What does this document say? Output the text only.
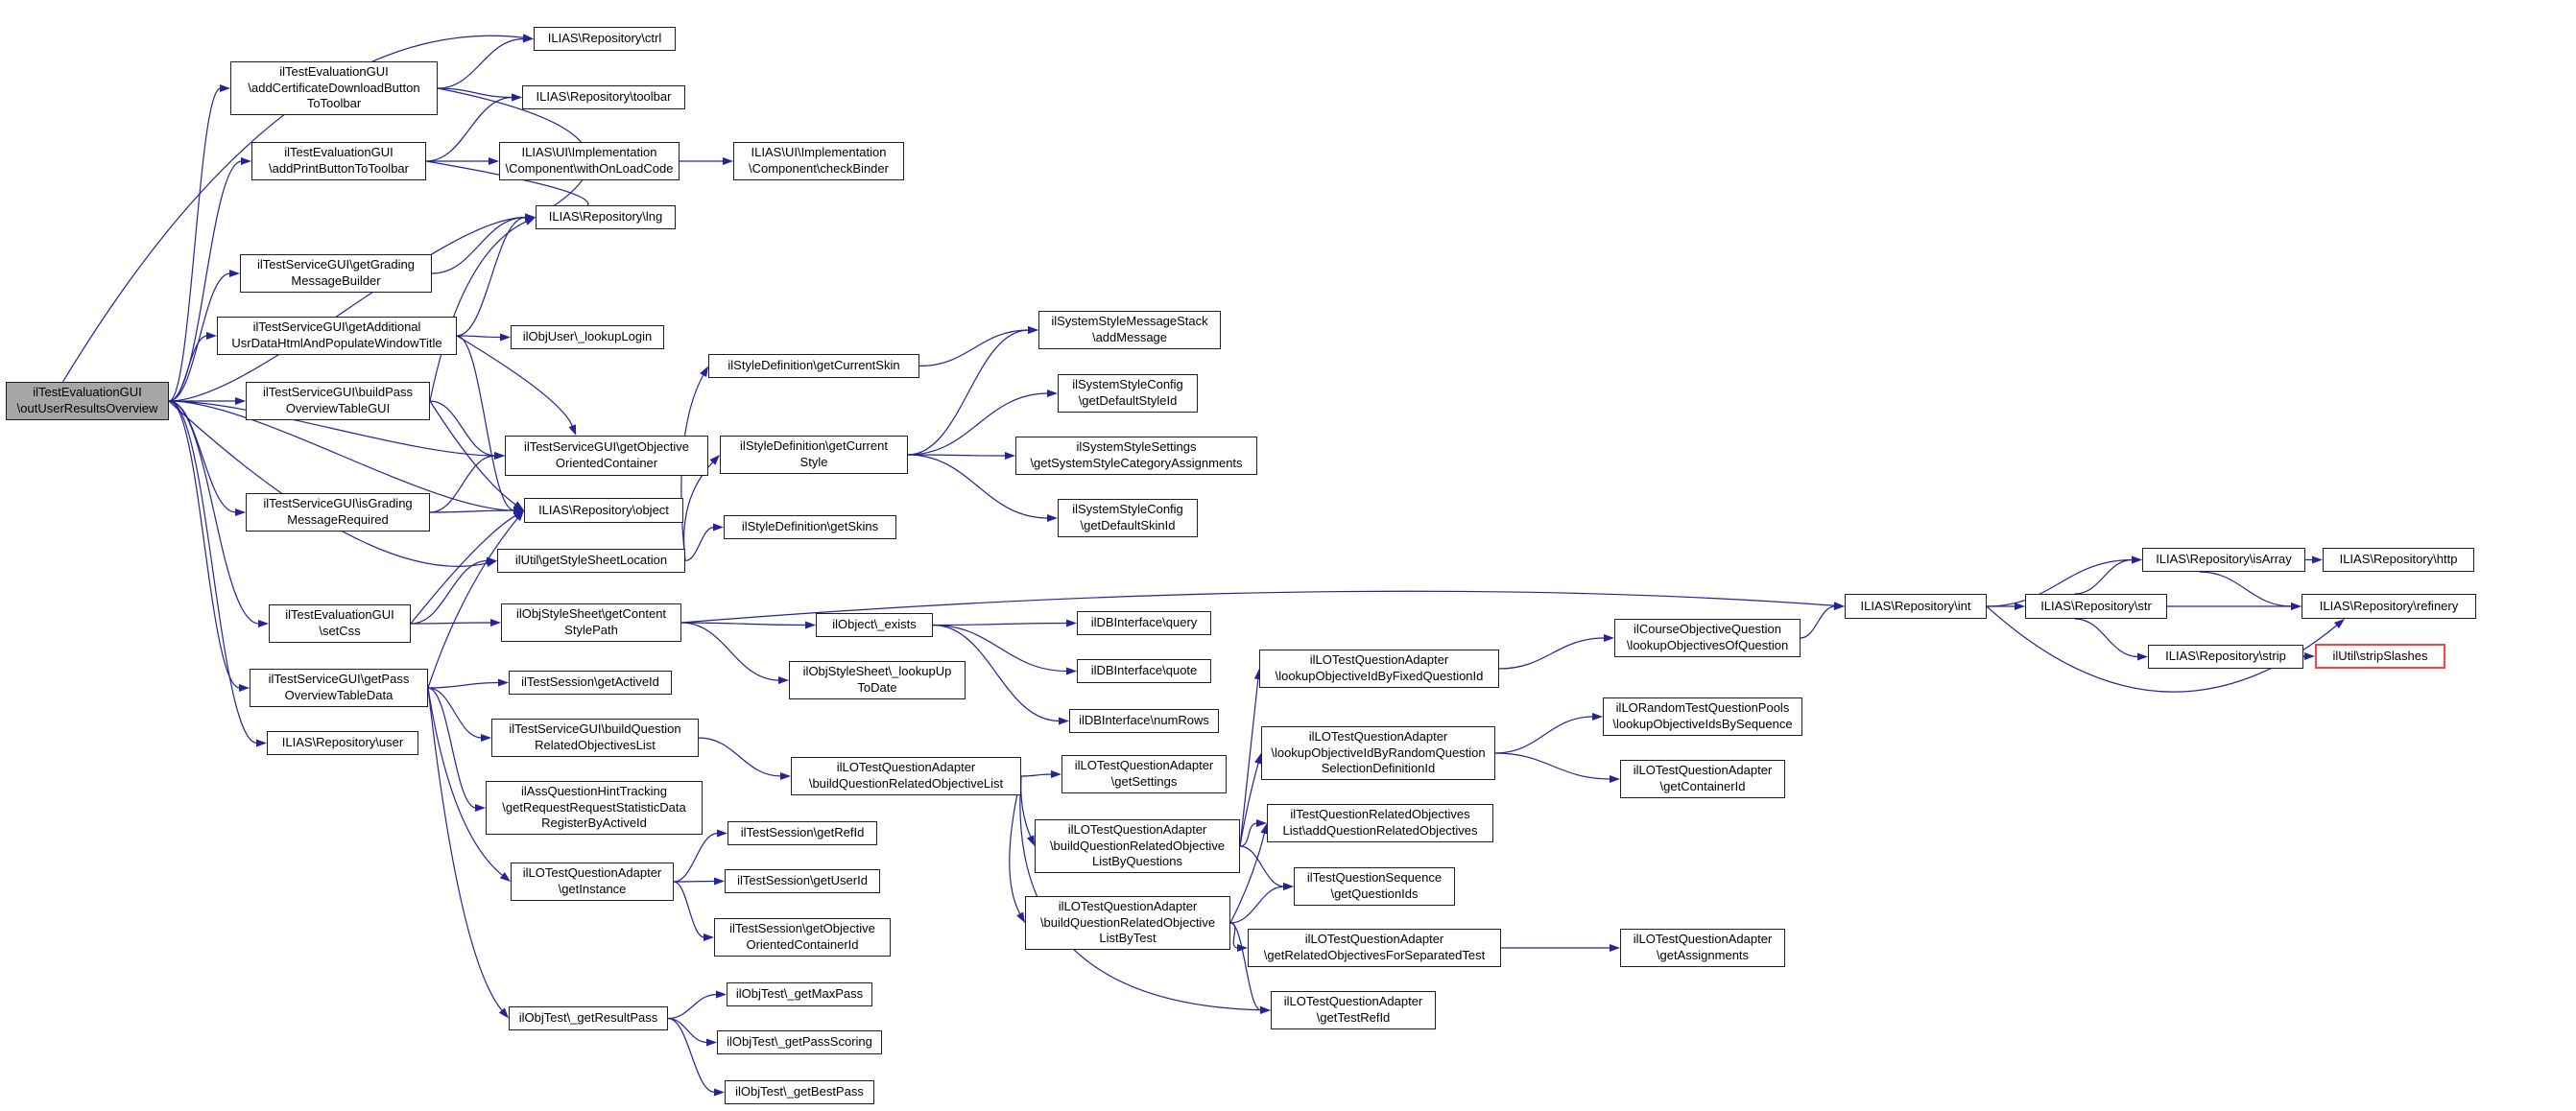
ilTestEvaluationGUI
\outUserResultsOverview
ilTestEvaluationGUI
\addCertificateDownloadButton
ToToolbar
ilTestEvaluationGUI
\addPrintButtonToToolbar
ilTestServiceGUI\getGrading
MessageBuilder
ilTestServiceGUI\getAdditional
UsrDataHtmlAndPopulateWindowTitle
ilTestServiceGUI\buildPass
OverviewTableGUI
ilTestServiceGUI\isGrading
MessageRequired
ilTestEvaluationGUI
\setCss
ilTestServiceGUI\getPass
OverviewTableData
ILIAS\Repository\user
ILIAS\Repository\ctrl
ILIAS\Repository\toolbar
ILIAS\UI\Implementation
\Component\withOnLoadCode
ILIAS\UI\Implementation
\Component\checkBinder
ILIAS\Repository\lng
ilObjUser\_lookupLogin
ilTestServiceGUI\getObjective
OrientedContainer
ILIAS\Repository\object
ilUtil\getStyleSheetLocation
ilObjStyleSheet\getContent
StylePath
ilTestSession\getActiveId
ilTestServiceGUI\buildQuestion
RelatedObjectivesList
ilAssQuestionHintTracking
\getRequestRequestStatisticData
RegisterByActiveId
ilLOTestQuestionAdapter
\getInstance
ilObjTest\_getResultPass
ilStyleDefinition\getCurrentSkin
ilStyleDefinition\getCurrent
Style
ilStyleDefinition\getSkins
ilObject\_exists
ilObjStyleSheet\_lookupUp
ToDate
ilTestSession\getRefId
ilTestSession\getUserId
ilTestSession\getObjective
OrientedContainerId
ilObjTest\_getMaxPass
ilObjTest\_getPassScoring
ilObjTest\_getBestPass
ilLOTestQuestionAdapter
\buildQuestionRelatedObjectiveList
ilSystemStyleMessageStack
\addMessage
ilSystemStyleConfig
\getDefaultStyleId
ilSystemStyleSettings
\getSystemStyleCategoryAssignments
ilSystemStyleConfig
\getDefaultSkinId
ilDBInterface\query
ilDBInterface\quote
ilDBInterface\numRows
ilLOTestQuestionAdapter
\getSettings
ilLOTestQuestionAdapter
\buildQuestionRelatedObjective
ListByQuestions
ilLOTestQuestionAdapter
\buildQuestionRelatedObjective
ListByTest
ilLOTestQuestionAdapter
\lookupObjectiveIdByFixedQuestionId
ilLOTestQuestionAdapter
\lookupObjectiveIdByRandomQuestion
SelectionDefinitionId
ilTestQuestionRelatedObjectives
List\addQuestionRelatedObjectives
ilTestQuestionSequence
\getQuestionIds
ilLOTestQuestionAdapter
\getRelatedObjectivesForSeparatedTest
ilLOTestQuestionAdapter
\getTestRefId
ilCourseObjectiveQuestion
\lookupObjectivesOfQuestion
ilLORandomTestQuestionPools
\lookupObjectiveIdsBySequence
ilLOTestQuestionAdapter
\getContainerId
ilLOTestQuestionAdapter
\getAssignments
ILIAS\Repository\int	ILIAS\Repository\str
ILIAS\Repository\isArray	ILIAS\Repository\http
ILIAS\Repository\refinery
ILIAS\Repository\strip	ilUtil\stripSlashes
